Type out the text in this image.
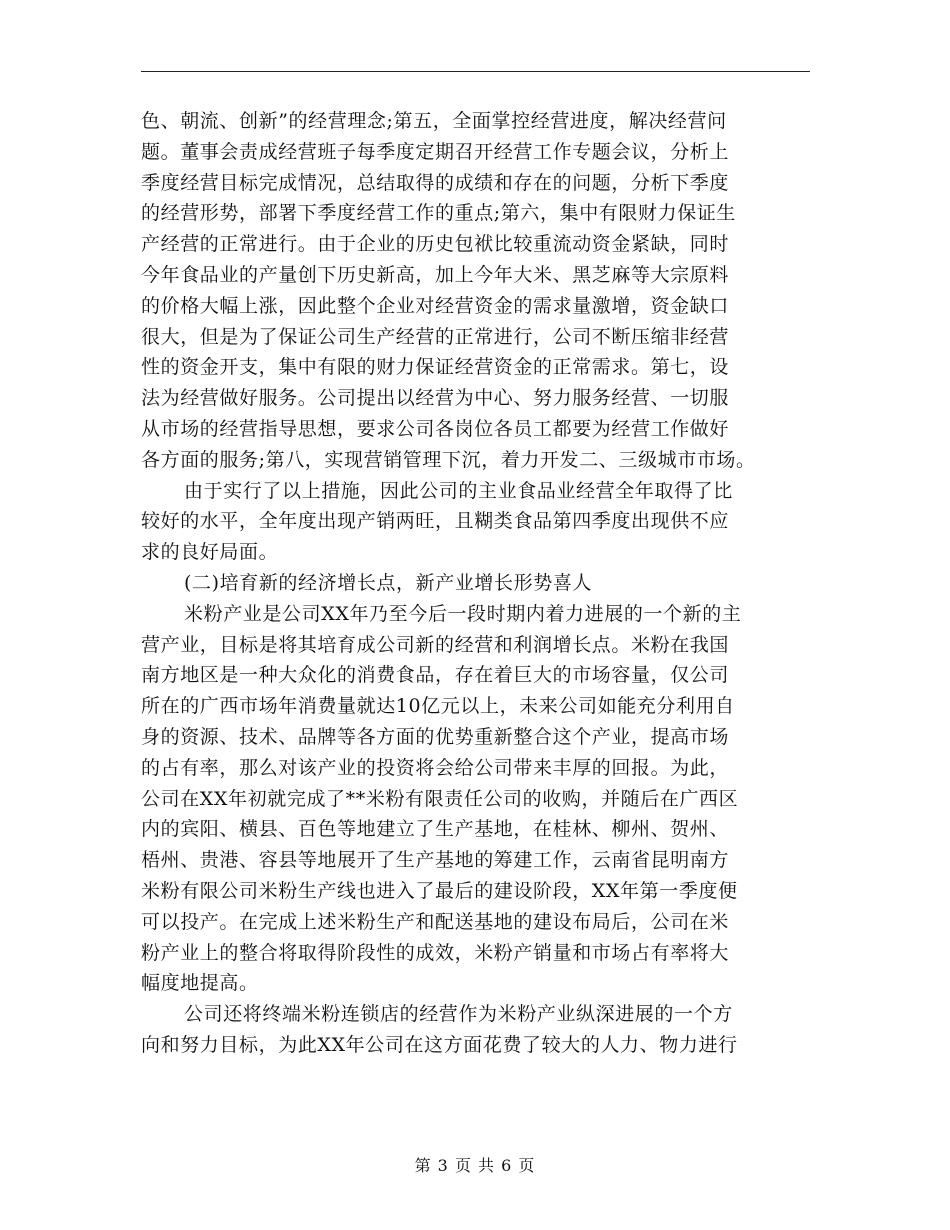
色、朝流、创新”的经营理念;第五，全面掌控经营进度，解决经营问
题。董事会责成经营班子每季度定期召开经营工作专题会议，分析上
季度经营目标完成情况，总结取得的成绩和存在的问题，分析下季度
的经营形势，部署下季度经营工作的重点;第六，集中有限财力保证生
产经营的正常进行。由于企业的历史包袱比较重流动资金紧缺，同时
今年食品业的产量创下历史新高，加上今年大米、黑芝麻等大宗原料
的价格大幅上涨，因此整个企业对经营资金的需求量激增，资金缺口
很大，但是为了保证公司生产经营的正常进行，公司不断压缩非经营
性的资金开支，集中有限的财力保证经营资金的正常需求。第七，设
法为经营做好服务。公司提出以经营为中心、努力服务经营、一切服
从市场的经营指导思想，要求公司各岗位各员工都要为经营工作做好
各方面的服务;第八，实现营销管理下沉，着力开发二、三级城市市场。
由于实行了以上措施，因此公司的主业食品业经营全年取得了比
较好的水平，全年度出现产销两旺，且糊类食品第四季度出现供不应
求的良好局面。
(二)培育新的经济增长点，新产业增长形势喜人
米粉产业是公司XX年乃至今后一段时期内着力进展的一个新的主
营产业，目标是将其培育成公司新的经营和利润增长点。米粉在我国
南方地区是一种大众化的消费食品，存在着巨大的市场容量，仅公司
所在的广西市场年消费量就达10亿元以上，未来公司如能充分利用自
身的资源、技术、品牌等各方面的优势重新整合这个产业，提高市场
的占有率，那么对该产业的投资将会给公司带来丰厚的回报。为此，
公司在XX年初就完成了**米粉有限责任公司的收购，并随后在广西区
内的宾阳、横县、百色等地建立了生产基地，在桂林、柳州、贺州、
梧州、贵港、容县等地展开了生产基地的筹建工作，云南省昆明南方
米粉有限公司米粉生产线也进入了最后的建设阶段，XX年第一季度便
可以投产。在完成上述米粉生产和配送基地的建设布局后，公司在米
粉产业上的整合将取得阶段性的成效，米粉产销量和市场占有率将大
幅度地提高。
公司还将终端米粉连锁店的经营作为米粉产业纵深进展的一个方
向和努力目标，为此XX年公司在这方面花费了较大的人力、物力进行
第 3 页 共 6 页
